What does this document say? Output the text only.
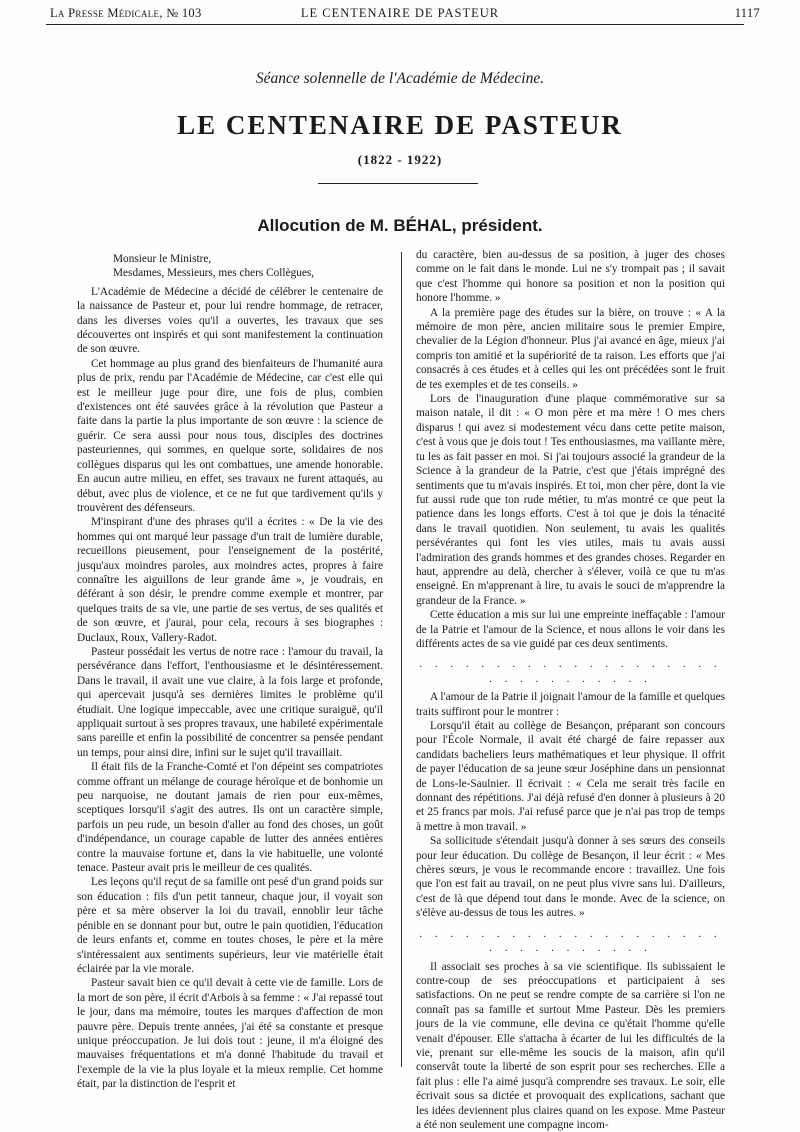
La Presse Médicale, № 103	LE CENTENAIRE DE PASTEUR	1117
Séance solennelle de l'Académie de Médecine.
LE CENTENAIRE DE PASTEUR
(1822 - 1922)
Allocution de M. BÉHAL, président.

Monsieur le Ministre,

Mesdames, Messieurs, mes chers Collègues,

L'Académie de Médecine a décidé de célébrer le centenaire de la naissance de Pasteur et, pour lui rendre hommage, de retracer, dans les diverses voies qu'il a ouvertes, les travaux que ses découvertes ont inspirés et qui sont manifestement la continuation de son œuvre.

Cet hommage au plus grand des bienfaiteurs de l'humanité aura plus de prix, rendu par l'Académie de Médecine, car c'est elle qui est le meilleur juge pour dire, une fois de plus, combien d'existences ont été sauvées grâce à la révolution que Pasteur a faite dans la partie la plus importante de son œuvre : la science de guérir. Ce sera aussi pour nous tous, disciples des doctrines pasteuriennes, qui sommes, en quelque sorte, solidaires de nos collègues disparus qui les ont combattues, une amende honorable. En aucun autre milieu, en effet, ses travaux ne furent attaqués, au début, avec plus de violence, et ce ne fut que tardivement qu'ils y trouvèrent des défenseurs.

M'inspirant d'une des phrases qu'il a écrites : « De la vie des hommes qui ont marqué leur passage d'un trait de lumière durable, recueillons pieusement, pour l'enseignement de la postérité, jusqu'aux moindres paroles, aux moindres actes, propres à faire connaître les aiguillons de leur grande âme », je voudrais, en déférant à son désir, le prendre comme exemple et montrer, par quelques traits de sa vie, une partie de ses vertus, de ses qualités et de son œuvre, et j'aurai, pour cela, recours à ses biographes : Duclaux, Roux, Vallery-Radot.

Pasteur possédait les vertus de notre race : l'amour du travail, la persévérance dans l'effort, l'enthousiasme et le désintéressement. Dans le travail, il avait une vue claire, à la fois large et profonde, qui apercevait jusqu'à ses dernières limites le problème qu'il étudiait. Une logique impeccable, avec une critique suraiguë, qu'il appliquait surtout à ses propres travaux, une habileté expérimentale sans pareille et enfin la possibilité de concentrer sa pensée pendant un temps, pour ainsi dire, infini sur le sujet qu'il travaillait.

Il était fils de la Franche-Comté et l'on dépeint ses compatriotes comme offrant un mélange de courage héroïque et de bonhomie un peu narquoise, ne doutant jamais de rien pour eux-mêmes, sceptiques lorsqu'il s'agit des autres. Ils ont un caractère simple, parfois un peu rude, un besoin d'aller au fond des choses, un goût d'indépendance, un courage capable de lutter des années entières contre la mauvaise fortune et, dans la vie habituelle, une volonté tenace. Pasteur avait pris le meilleur de ces qualités.

Les leçons qu'il reçut de sa famille ont pesé d'un grand poids sur son éducation : fils d'un petit tanneur, chaque jour, il voyait son père et sa mère observer la loi du travail, ennoblir leur tâche pénible en se donnant pour but, outre le pain quotidien, l'éducation de leurs enfants et, comme en toutes choses, le père et la mère s'intéressaient aux sentiments supérieurs, leur vie matérielle était éclairée par la vie morale.

Pasteur savait bien ce qu'il devait à cette vie de famille. Lors de la mort de son père, il écrit d'Arbois à sa femme : « J'ai repassé tout le jour, dans ma mémoire, toutes les marques d'affection de mon pauvre père. Depuis trente années, j'ai été sa constante et presque unique préoccupation. Je lui dois tout : jeune, il m'a éloigné des mauvaises fréquentations et m'a donné l'habitude du travail et l'exemple de la vie la plus loyale et la mieux remplie. Cet homme était, par la distinction de l'esprit et

du caractère, bien au-dessus de sa position, à juger des choses comme on le fait dans le monde. Lui ne s'y trompait pas ; il savait que c'est l'homme qui honore sa position et non la position qui honore l'homme. »

A la première page des études sur la bière, on trouve : « A la mémoire de mon père, ancien militaire sous le premier Empire, chevalier de la Légion d'honneur. Plus j'ai avancé en âge, mieux j'ai compris ton amitié et la supériorité de ta raison. Les efforts que j'ai consacrés à ces études et à celles qui les ont précédées sont le fruit de tes exemples et de tes conseils. »

Lors de l'inauguration d'une plaque commémorative sur sa maison natale, il dit : « O mon père et ma mère ! O mes chers disparus ! qui avez si modestement vécu dans cette petite maison, c'est à vous que je dois tout ! Tes enthousiasmes, ma vaillante mère, tu les as fait passer en moi. Si j'ai toujours associé la grandeur de la Science à la grandeur de la Patrie, c'est que j'étais imprégné des sentiments que tu m'avais inspirés. Et toi, mon cher père, dont la vie fut aussi rude que ton rude métier, tu m'as montré ce que peut la patience dans les longs efforts. C'est à toi que je dois la ténacité dans le travail quotidien. Non seulement, tu avais les qualités persévérantes qui font les vies utiles, mais tu avais aussi l'admiration des grands hommes et des grandes choses. Regarder en haut, apprendre au delà, chercher à s'élever, voilà ce que tu m'as enseigné. En m'apprenant à lire, tu avais le souci de m'apprendre la grandeur de la France. »

Cette éducation a mis sur lui une empreinte ineffaçable : l'amour de la Patrie et l'amour de la Science, et nous allons le voir dans les différents actes de sa vie guidé par ces deux sentiments.

. . . . . . . . . . . . . . . . . . . . . . . . . . . . . . .

A l'amour de la Patrie il joignait l'amour de la famille et quelques traits suffiront pour le montrer :

Lorsqu'il était au collège de Besançon, préparant son concours pour l'École Normale, il avait été chargé de faire repasser aux candidats bacheliers leurs mathématiques et leur physique. Il offrit de payer l'éducation de sa jeune sœur Joséphine dans un pensionnat de Lons-le-Saulnier. Il écrivait : « Cela me serait très facile en donnant des répétitions. J'ai déjà refusé d'en donner à plusieurs à 20 et 25 francs par mois. J'ai refusé parce que je n'ai pas trop de temps à mettre à mon travail. »

Sa sollicitude s'étendait jusqu'à donner à ses sœurs des conseils pour leur éducation. Du collège de Besançon, il leur écrit : « Mes chères sœurs, je vous le recommande encore : travaillez. Une fois que l'on est fait au travail, on ne peut plus vivre sans lui. D'ailleurs, c'est de là que dépend tout dans le monde. Avec de la science, on s'élève au-dessus de tous les autres. »

. . . . . . . . . . . . . . . . . . . . . . . . . . . . . . .

Il associait ses proches à sa vie scientifique. Ils subissaient le contre-coup de ses préoccupations et participaient à ses satisfactions. On ne peut se rendre compte de sa carrière si l'on ne connaît pas sa famille et surtout Mme Pasteur. Dès les premiers jours de la vie commune, elle devina ce qu'était l'homme qu'elle venait d'épouser. Elle s'attacha à écarter de lui les difficultés de la vie, prenant sur elle-même les soucis de la maison, afin qu'il conservât toute la liberté de son esprit pour ses recherches. Elle a fait plus : elle l'a aimé jusqu'à comprendre ses travaux. Le soir, elle écrivait sous sa dictée et provoquait des explications, sachant que les idées deviennent plus claires quand on les expose. Mme Pasteur a été non seulement une compagne incom-
